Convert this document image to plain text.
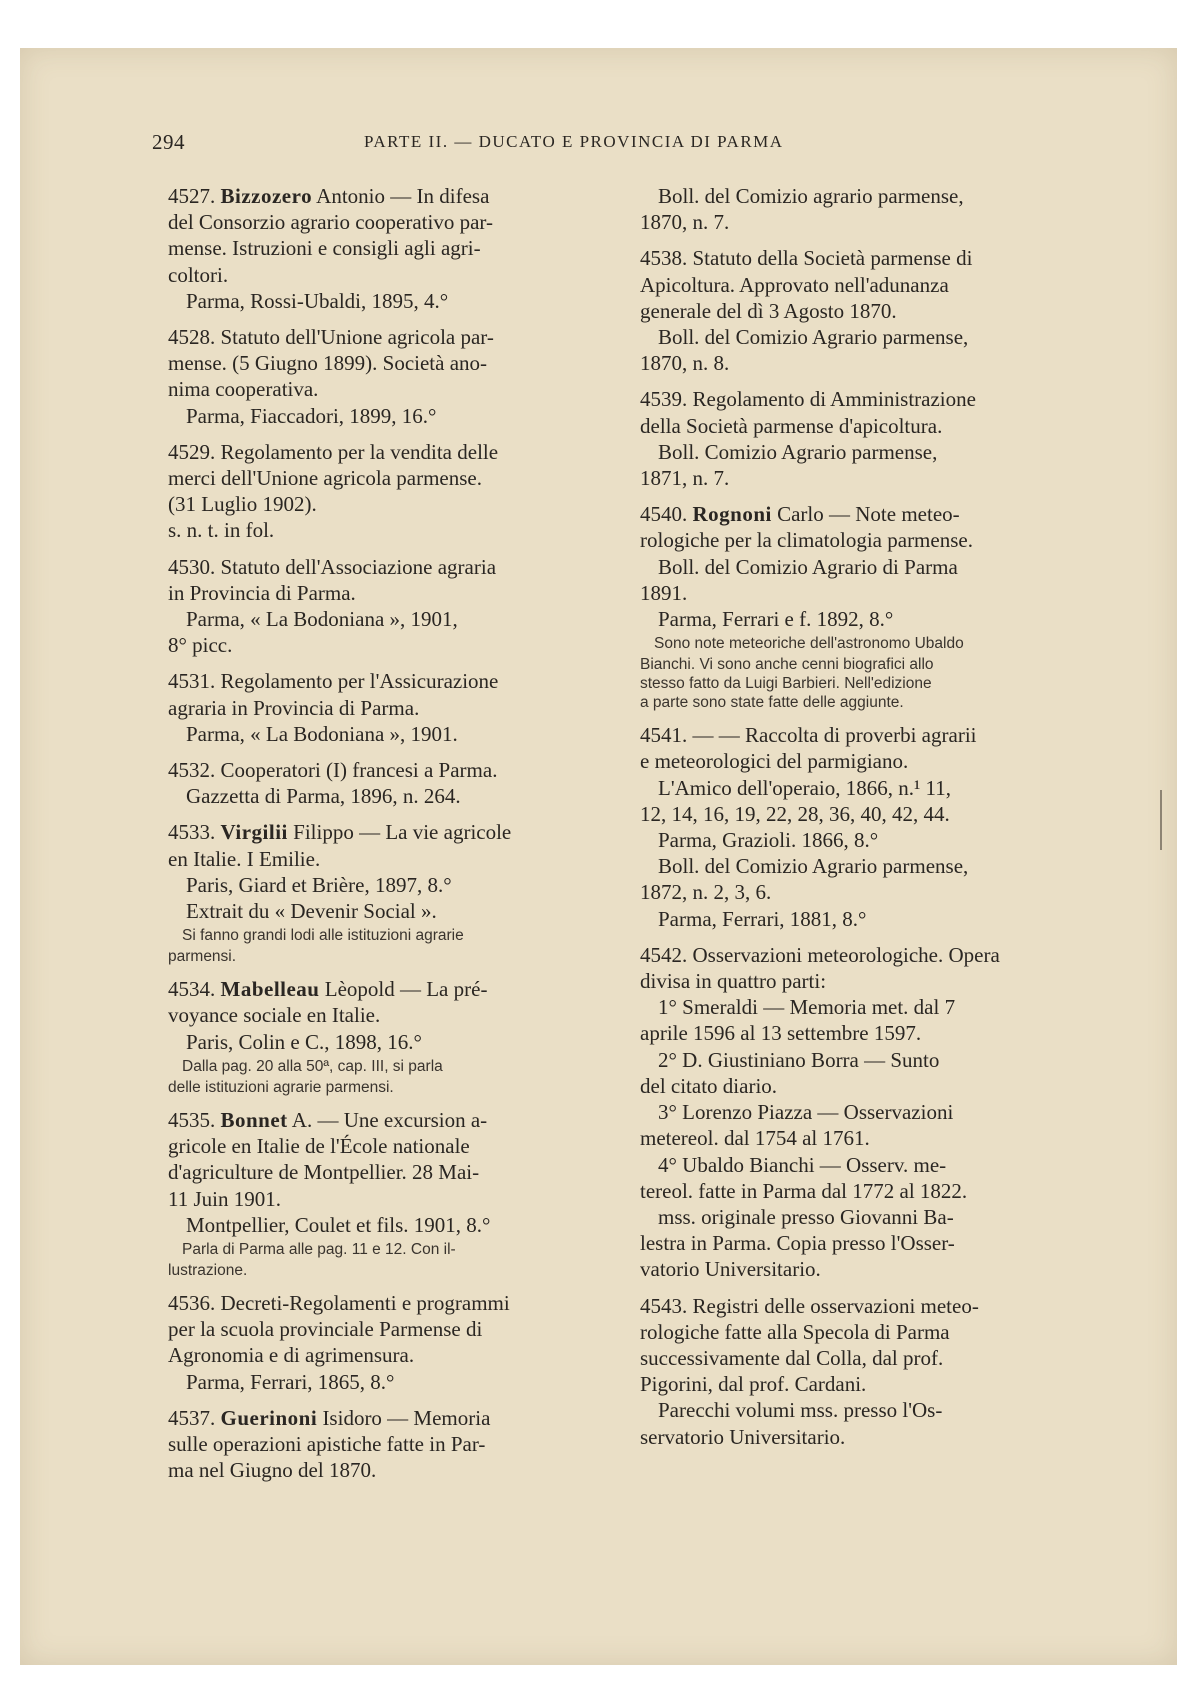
294	PARTE II. — DUCATO E PROVINCIA DI PARMA
4527. Bizzozero Antonio — In difesa
del Consorzio agrario cooperativo par-
mense. Istruzioni e consigli agli agri-
coltori.
Parma, Rossi-Ubaldi, 1895, 4.°
4528. Statuto dell'Unione agricola par-
mense. (5 Giugno 1899). Società ano-
nima cooperativa.
Parma, Fiaccadori, 1899, 16.°
4529. Regolamento per la vendita delle
merci dell'Unione agricola parmense.
(31 Luglio 1902).
s. n. t. in fol.
4530. Statuto dell'Associazione agraria
in Provincia di Parma.
Parma, « La Bodoniana », 1901,
8° picc.
4531. Regolamento per l'Assicurazione
agraria in Provincia di Parma.
Parma, « La Bodoniana », 1901.
4532. Cooperatori (I) francesi a Parma.
Gazzetta di Parma, 1896, n. 264.
4533. Virgilii Filippo — La vie agricole
en Italie. I Emilie.
Paris, Giard et Brière, 1897, 8.°
Extrait du « Devenir Social ».
Si fanno grandi lodi alle istituzioni agrarie
parmensi.
4534. Mabelleau Lèopold — La pré-
voyance sociale en Italie.
Paris, Colin e C., 1898, 16.°
Dalla pag. 20 alla 50ª, cap. III, si parla
delle istituzioni agrarie parmensi.
4535. Bonnet A. — Une excursion a-
gricole en Italie de l'École nationale
d'agriculture de Montpellier. 28 Mai-
11 Juin 1901.
Montpellier, Coulet et fils. 1901, 8.°
Parla di Parma alle pag. 11 e 12. Con il-
lustrazione.
4536. Decreti-Regolamenti e programmi
per la scuola provinciale Parmense di
Agronomia e di agrimensura.
Parma, Ferrari, 1865, 8.°
4537. Guerinoni Isidoro — Memoria
sulle operazioni apistiche fatte in Par-
ma nel Giugno del 1870.
Boll. del Comizio agrario parmense,
1870, n. 7.
4538. Statuto della Società parmense di
Apicoltura. Approvato nell'adunanza
generale del dì 3 Agosto 1870.
Boll. del Comizio Agrario parmense,
1870, n. 8.
4539. Regolamento di Amministrazione
della Società parmense d'apicoltura.
Boll. Comizio Agrario parmense,
1871, n. 7.
4540. Rognoni Carlo — Note meteo-
rologiche per la climatologia parmense.
Boll. del Comizio Agrario di Parma
1891.
Parma, Ferrari e f. 1892, 8.°
Sono note meteoriche dell'astronomo Ubaldo
Bianchi. Vi sono anche cenni biografici allo
stesso fatto da Luigi Barbieri. Nell'edizione
a parte sono state fatte delle aggiunte.
4541. — — Raccolta di proverbi agrarii
e meteorologici del parmigiano.
L'Amico dell'operaio, 1866, n.¹ 11,
12, 14, 16, 19, 22, 28, 36, 40, 42, 44.
Parma, Grazioli. 1866, 8.°
Boll. del Comizio Agrario parmense,
1872, n. 2, 3, 6.
Parma, Ferrari, 1881, 8.°
4542. Osservazioni meteorologiche. Opera
divisa in quattro parti:
1° Smeraldi — Memoria met. dal 7
aprile 1596 al 13 settembre 1597.
2° D. Giustiniano Borra — Sunto
del citato diario.
3° Lorenzo Piazza — Osservazioni
meterеol. dal 1754 al 1761.
4° Ubaldo Bianchi — Osserv. me-
tereol. fatte in Parma dal 1772 al 1822.
mss. originale presso Giovanni Ba-
lestra in Parma. Copia presso l'Osser-
vatorio Universitario.
4543. Registri delle osservazioni meteo-
rologiche fatte alla Specola di Parma
successivamente dal Colla, dal prof.
Pigorini, dal prof. Cardani.
Parecchi volumi mss. presso l'Os-
servatorio Universitario.
